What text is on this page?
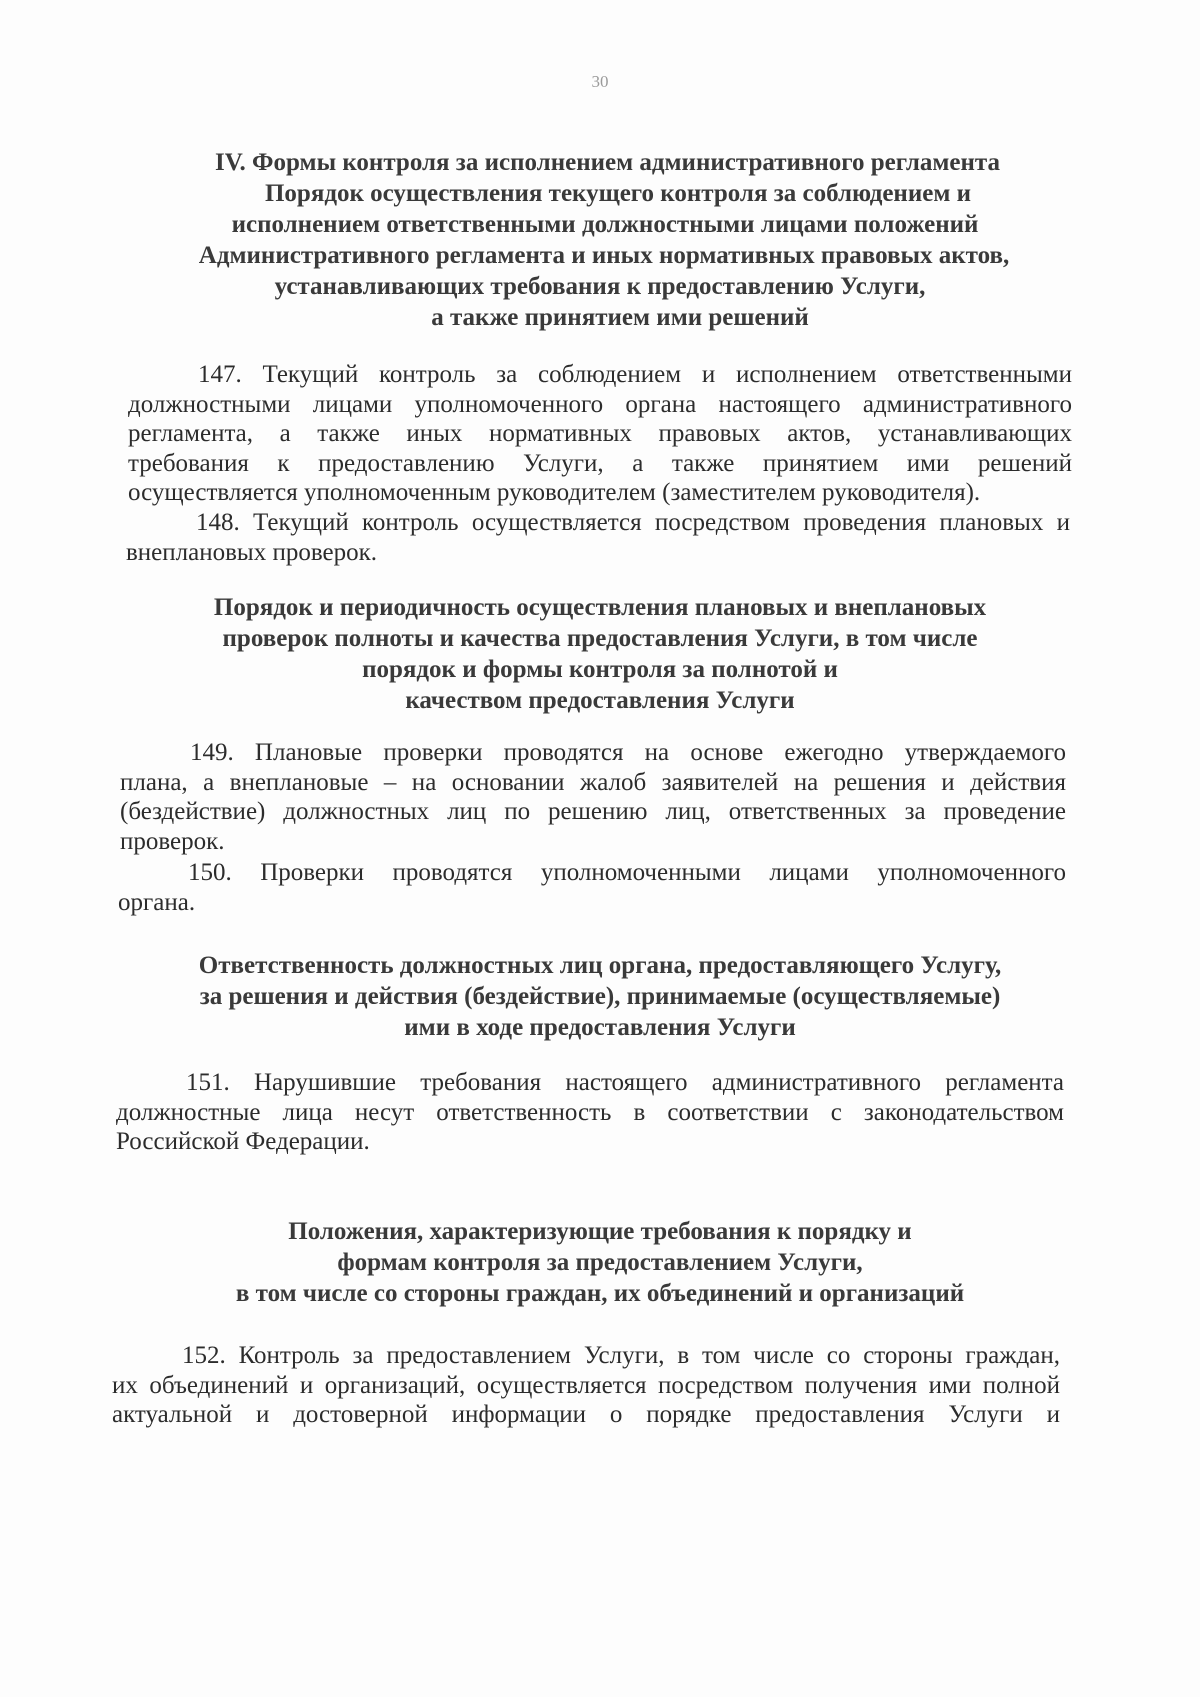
30
IV. Формы контроля за исполнением административного регламента
Порядок осуществления текущего контроля за соблюдением и
исполнением ответственными должностными лицами положений
Административного регламента и иных нормативных правовых актов,
устанавливающих требования к предоставлению Услуги,
а также принятием ими решений
147. Текущий контроль за соблюдением и исполнением ответственными
должностными лицами уполномоченного органа настоящего административного
регламента, а также иных нормативных правовых актов, устанавливающих
требования к предоставлению Услуги, а также принятием ими решений
осуществляется уполномоченным руководителем (заместителем руководителя).
148. Текущий контроль осуществляется посредством проведения плановых и
внеплановых проверок.
Порядок и периодичность осуществления плановых и внеплановых
проверок полноты и качества предоставления Услуги, в том числе
порядок и формы контроля за полнотой и
качеством предоставления Услуги
149. Плановые проверки проводятся на основе ежегодно утверждаемого
плана, а внеплановые – на основании жалоб заявителей на решения и действия
(бездействие) должностных лиц по решению лиц, ответственных за проведение
проверок.
150. Проверки проводятся уполномоченными лицами уполномоченного
органа.
Ответственность должностных лиц органа, предоставляющего Услугу,
за решения и действия (бездействие), принимаемые (осуществляемые)
ими в ходе предоставления Услуги
151. Нарушившие требования настоящего административного регламента
должностные лица несут ответственность в соответствии с законодательством
Российской Федерации.
Положения, характеризующие требования к порядку и
формам контроля за предоставлением Услуги,
в том числе со стороны граждан, их объединений и организаций
152. Контроль за предоставлением Услуги, в том числе со стороны граждан,
их объединений и организаций, осуществляется посредством получения ими полной
актуальной и достоверной информации о порядке предоставления Услуги и
